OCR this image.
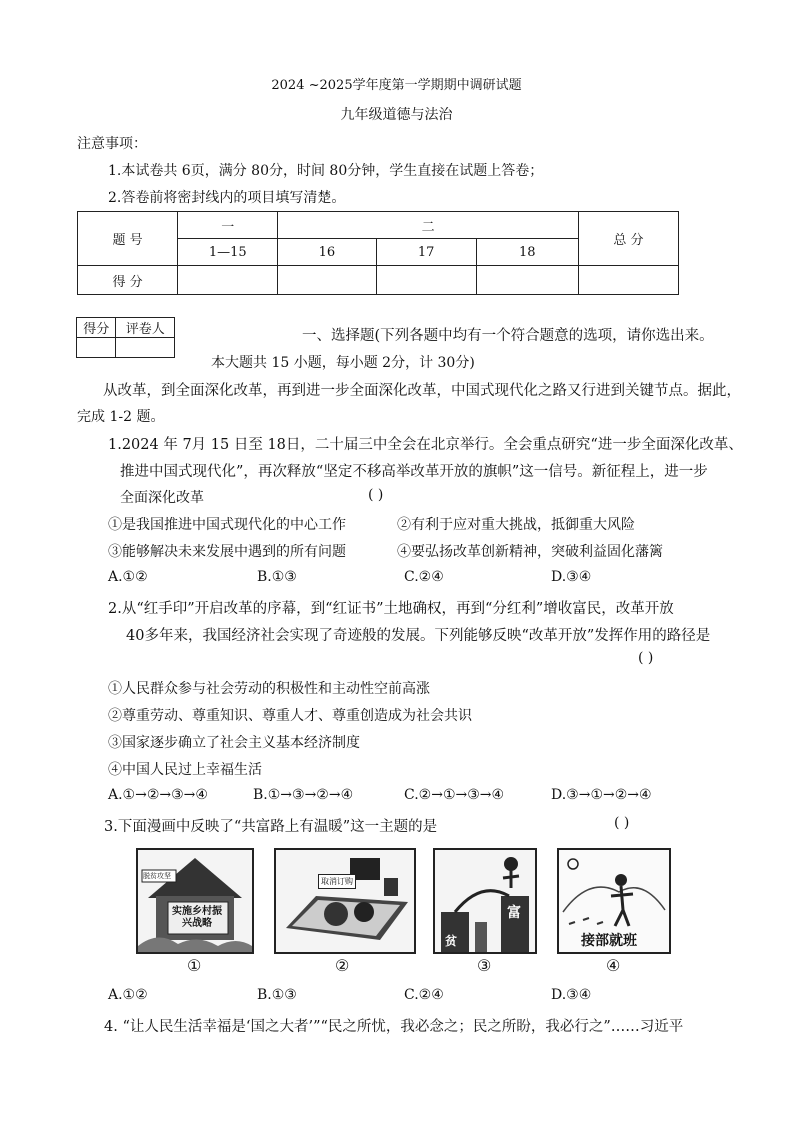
2024 ~2025学年度第一学期期中调研试题
九年级道德与法治
注意事项：
1.本试卷共 6页，满分 80分，时间 80分钟，学生直接在试题上答卷；
2.答卷前将密封线内的项目填写清楚。
题 号	一	二			总 分
	1—15	16	17	18	
得 分					
得分	评卷人
		一、选择题(下列各题中均有一个符合题意的选项，请你选出来。
本大题共 15 小题，每小题 2分，计 30分)
从改革，到全面深化改革，再到进一步全面深化改革，中国式现代化之路又行进到关键节点。据此，
完成 1-2 题。
1.2024 年 7月 15 日至 18日，二十届三中全会在北京举行。全会重点研究“进一步全面深化改革、
推进中国式现代化”，再次释放“坚定不移高举改革开放的旗帜”这一信号。新征程上，进一步
全面深化改革	( )
①是我国推进中国式现代化的中心工作	②有利于应对重大挑战，抵御重大风险
③能够解决未来发展中遇到的所有问题	④要弘扬改革创新精神，突破利益固化藩篱
A.①②	B.①③	C.②④	D.③④
2.从“红手印”开启改革的序幕，到“红证书”土地确权，再到“分红利”增收富民，改革开放
40多年来，我国经济社会实现了奇迹般的发展。下列能够反映“改革开放”发挥作用的路径是
( )
①人民群众参与社会劳动的积极性和主动性空前高涨
②尊重劳动、尊重知识、尊重人才、尊重创造成为社会共识
③国家逐步确立了社会主义基本经济制度
④中国人民过上幸福生活
A.①→②→③→④	B.①→③→②→④	C.②→①→③→④	D.③→①→②→④
3.下面漫画中反映了“共富路上有温暖”这一主题的是	( )
脱贫攻坚
实施乡村振兴战略
取消订购
贫
富
接部就班
①	②	③	④
A.①②	B.①③	C.②④	D.③④
4. “让人民生活幸福是‘国之大者’”“民之所忧，我必念之；民之所盼，我必行之”……习近平
